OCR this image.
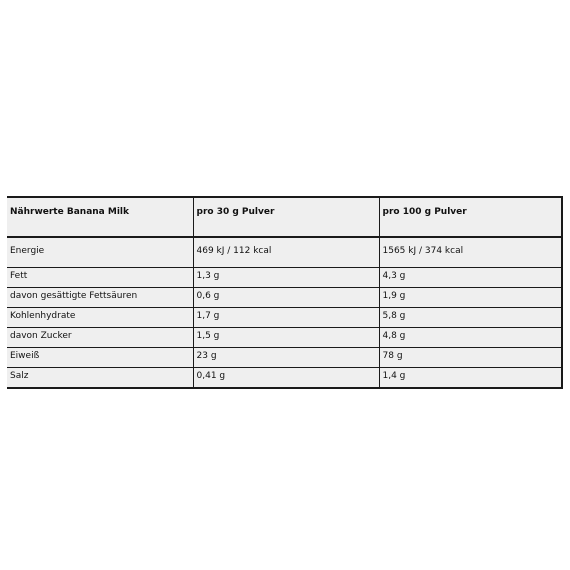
Nährwerte Banana Milk	pro 30 g Pulver	pro 100 g Pulver
Energie	469 kJ / 112 kcal	1565 kJ / 374 kcal
Fett	1,3 g	4,3 g
davon gesättigte Fettsäuren	0,6 g	1,9 g
Kohlenhydrate	1,7 g	5,8 g
davon Zucker	1,5 g	4,8 g
Eiweiß	23 g	78 g
Salz	0,41 g	1,4 g
